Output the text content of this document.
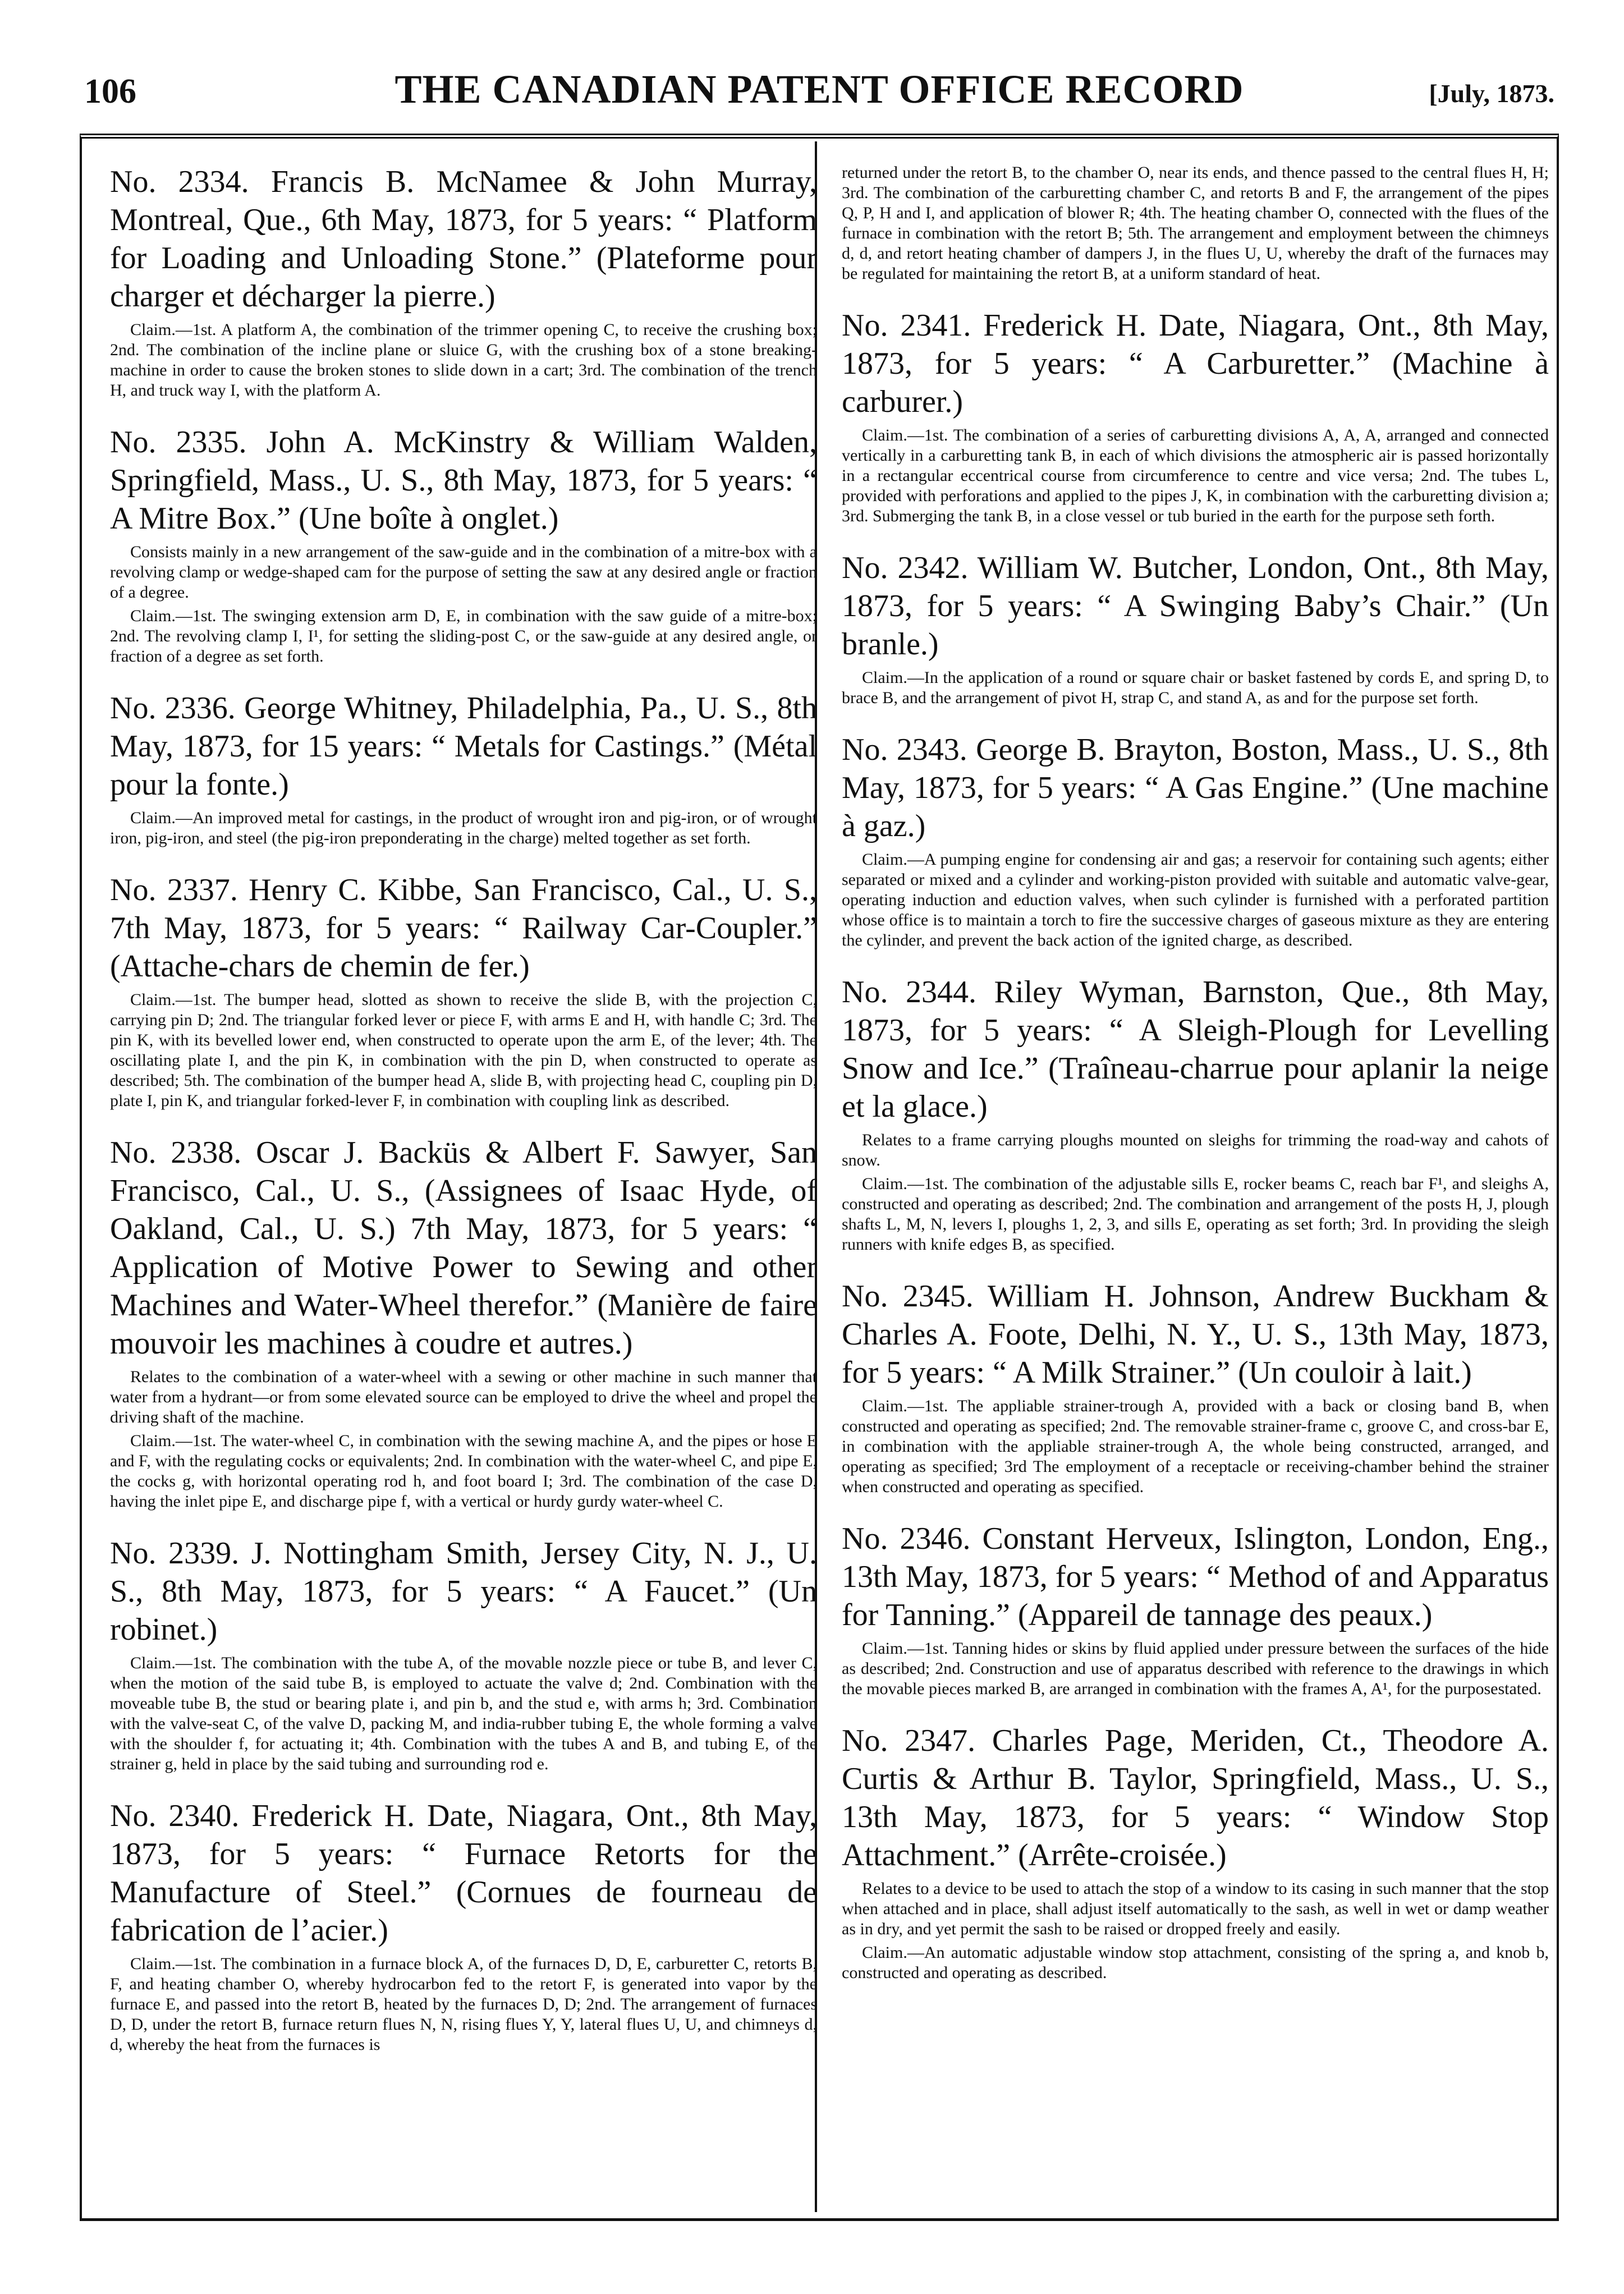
106	THE CANADIAN PATENT OFFICE RECORD	[July, 1873.

No. 2334. Francis B. McNamee & John Murray, Montreal, Que., 6th May, 1873, for 5 years: “ Platform for Loading and Unloading Stone.” (Plateforme pour charger et décharger la pierre.)

Claim.—1st. A platform A, the combination of the trimmer opening C, to receive the crushing box; 2nd. The combination of the incline plane or sluice G, with the crushing box of a stone breaking-machine in order to cause the broken stones to slide down in a cart; 3rd. The combination of the trench H, and truck way I, with the platform A.

No. 2335. John A. McKinstry & William Walden, Springfield, Mass., U. S., 8th May, 1873, for 5 years: “ A Mitre Box.” (Une boîte à onglet.)

Consists mainly in a new arrangement of the saw-guide and in the combination of a mitre-box with a revolving clamp or wedge-shaped cam for the purpose of setting the saw at any desired angle or fraction of a degree.

Claim.—1st. The swinging extension arm D, E, in combination with the saw guide of a mitre-box; 2nd. The revolving clamp I, I¹, for setting the sliding-post C, or the saw-guide at any desired angle, or fraction of a degree as set forth.

No. 2336. George Whitney, Philadelphia, Pa., U. S., 8th May, 1873, for 15 years: “ Metals for Castings.” (Métal pour la fonte.)

Claim.—An improved metal for castings, in the product of wrought iron and pig-iron, or of wrought iron, pig-iron, and steel (the pig-iron preponderating in the charge) melted together as set forth.

No. 2337. Henry C. Kibbe, San Francisco, Cal., U. S., 7th May, 1873, for 5 years: “ Railway Car-Coupler.” (Attache-chars de chemin de fer.)

Claim.—1st. The bumper head, slotted as shown to receive the slide B, with the projection C, carrying pin D; 2nd. The triangular forked lever or piece F, with arms E and H, with handle C; 3rd. The pin K, with its bevelled lower end, when constructed to operate upon the arm E, of the lever; 4th. The oscillating plate I, and the pin K, in combination with the pin D, when constructed to operate as described; 5th. The combination of the bumper head A, slide B, with projecting head C, coupling pin D, plate I, pin K, and triangular forked-lever F, in combination with coupling link as described.

No. 2338. Oscar J. Backüs & Albert F. Sawyer, San Francisco, Cal., U. S., (Assignees of Isaac Hyde, of Oakland, Cal., U. S.) 7th May, 1873, for 5 years: “ Application of Motive Power to Sewing and other Machines and Water-Wheel therefor.” (Manière de faire mouvoir les machines à coudre et autres.)

Relates to the combination of a water-wheel with a sewing or other machine in such manner that water from a hydrant—or from some elevated source can be employed to drive the wheel and propel the driving shaft of the machine.

Claim.—1st. The water-wheel C, in combination with the sewing machine A, and the pipes or hose E and F, with the regulating cocks or equivalents; 2nd. In combination with the water-wheel C, and pipe E, the cocks g, with horizontal operating rod h, and foot board I; 3rd. The combination of the case D, having the inlet pipe E, and discharge pipe f, with a vertical or hurdy gurdy water-wheel C.

No. 2339. J. Nottingham Smith, Jersey City, N. J., U. S., 8th May, 1873, for 5 years: “ A Faucet.” (Un robinet.)

Claim.—1st. The combination with the tube A, of the movable nozzle piece or tube B, and lever C, when the motion of the said tube B, is employed to actuate the valve d; 2nd. Combination with the moveable tube B, the stud or bearing plate i, and pin b, and the stud e, with arms h; 3rd. Combination with the valve-seat C, of the valve D, packing M, and india-rubber tubing E, the whole forming a valve with the shoulder f, for actuating it; 4th. Combination with the tubes A and B, and tubing E, of the strainer g, held in place by the said tubing and surrounding rod e.

No. 2340. Frederick H. Date, Niagara, Ont., 8th May, 1873, for 5 years: “ Furnace Retorts for the Manufacture of Steel.” (Cornues de fourneau de fabrication de l’acier.)

Claim.—1st. The combination in a furnace block A, of the furnaces D, D, E, carburetter C, retorts B, F, and heating chamber O, whereby hydrocarbon fed to the retort F, is generated into vapor by the furnace E, and passed into the retort B, heated by the furnaces D, D; 2nd. The arrangement of furnaces D, D, under the retort B, furnace return flues N, N, rising flues Y, Y, lateral flues U, U, and chimneys d, d, whereby the heat from the furnaces is

returned under the retort B, to the chamber O, near its ends, and thence passed to the central flues H, H; 3rd. The combination of the carburetting chamber C, and retorts B and F, the arrangement of the pipes Q, P, H and I, and application of blower R; 4th. The heating chamber O, connected with the flues of the furnace in combination with the retort B; 5th. The arrangement and employment between the chimneys d, d, and retort heating chamber of dampers J, in the flues U, U, whereby the draft of the furnaces may be regulated for maintaining the retort B, at a uniform standard of heat.

No. 2341. Frederick H. Date, Niagara, Ont., 8th May, 1873, for 5 years: “ A Carburetter.” (Machine à carburer.)

Claim.—1st. The combination of a series of carburetting divisions A, A, A, arranged and connected vertically in a carburetting tank B, in each of which divisions the atmospheric air is passed horizontally in a rectangular eccentrical course from circumference to centre and vice versa; 2nd. The tubes L, provided with perforations and applied to the pipes J, K, in combination with the carburetting division a; 3rd. Submerging the tank B, in a close vessel or tub buried in the earth for the purpose seth forth.

No. 2342. William W. Butcher, London, Ont., 8th May, 1873, for 5 years: “ A Swinging Baby’s Chair.” (Un branle.)

Claim.—In the application of a round or square chair or basket fastened by cords E, and spring D, to brace B, and the arrangement of pivot H, strap C, and stand A, as and for the purpose set forth.

No. 2343. George B. Brayton, Boston, Mass., U. S., 8th May, 1873, for 5 years: “ A Gas Engine.” (Une machine à gaz.)

Claim.—A pumping engine for condensing air and gas; a reservoir for containing such agents; either separated or mixed and a cylinder and working-piston provided with suitable and automatic valve-gear, operating induction and eduction valves, when such cylinder is furnished with a perforated partition whose office is to maintain a torch to fire the successive charges of gaseous mixture as they are entering the cylinder, and prevent the back action of the ignited charge, as described.

No. 2344. Riley Wyman, Barnston, Que., 8th May, 1873, for 5 years: “ A Sleigh-Plough for Levelling Snow and Ice.” (Traîneau-charrue pour aplanir la neige et la glace.)

Relates to a frame carrying ploughs mounted on sleighs for trimming the road-way and cahots of snow.

Claim.—1st. The combination of the adjustable sills E, rocker beams C, reach bar F¹, and sleighs A, constructed and operating as described; 2nd. The combination and arrangement of the posts H, J, plough shafts L, M, N, levers I, ploughs 1, 2, 3, and sills E, operating as set forth; 3rd. In providing the sleigh runners with knife edges B, as specified.

No. 2345. William H. Johnson, Andrew Buckham & Charles A. Foote, Delhi, N. Y., U. S., 13th May, 1873, for 5 years: “ A Milk Strainer.” (Un couloir à lait.)

Claim.—1st. The appliable strainer-trough A, provided with a back or closing band B, when constructed and operating as specified; 2nd. The removable strainer-frame c, groove C, and cross-bar E, in combination with the appliable strainer-trough A, the whole being constructed, arranged, and operating as specified; 3rd The employment of a receptacle or receiving-chamber behind the strainer when constructed and operating as specified.

No. 2346. Constant Herveux, Islington, London, Eng., 13th May, 1873, for 5 years: “ Method of and Apparatus for Tanning.” (Appareil de tannage des peaux.)

Claim.—1st. Tanning hides or skins by fluid applied under pressure between the surfaces of the hide as described; 2nd. Construction and use of apparatus described with reference to the drawings in which the movable pieces marked B, are arranged in combination with the frames A, A¹, for the purposestated.

No. 2347. Charles Page, Meriden, Ct., Theodore A. Curtis & Arthur B. Taylor, Springfield, Mass., U. S., 13th May, 1873, for 5 years: “ Window Stop Attachment.” (Arrête-croisée.)

Relates to a device to be used to attach the stop of a window to its casing in such manner that the stop when attached and in place, shall adjust itself automatically to the sash, as well in wet or damp weather as in dry, and yet permit the sash to be raised or dropped freely and easily.

Claim.—An automatic adjustable window stop attachment, consisting of the spring a, and knob b, constructed and operating as described.
